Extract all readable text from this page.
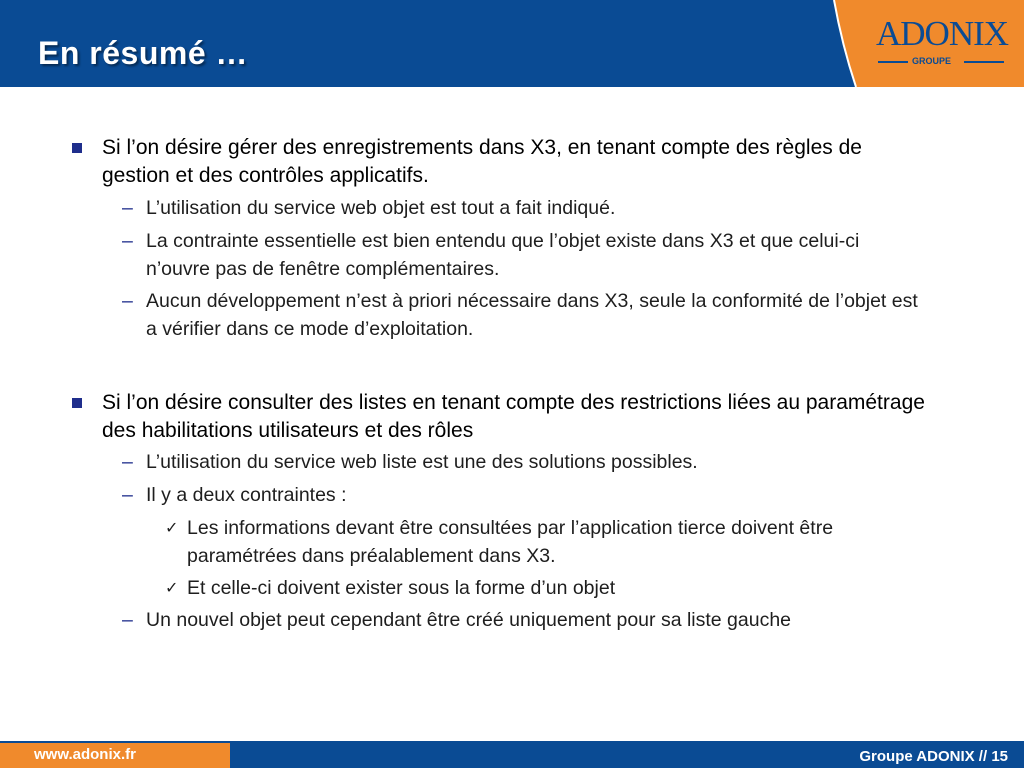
En résumé …	ADONIX
GROUPE
Si l’on désire gérer des enregistrements dans X3, en tenant compte des règles de gestion et des contrôles applicatifs.
– L’utilisation du service web objet est tout a fait indiqué.
– La contrainte essentielle est bien entendu que l’objet existe dans X3 et que celui-ci n’ouvre pas de fenêtre complémentaires.
– Aucun développement n’est à priori nécessaire dans X3, seule la conformité de l’objet est a vérifier dans ce mode d’exploitation.
Si l’on désire consulter des listes en tenant compte des restrictions liées au paramétrage des habilitations utilisateurs et des rôles
– L’utilisation du service web liste est une des solutions possibles.
– Il y a deux contraintes :
✓ Les informations devant être consultées par l’application tierce doivent être paramétrées dans préalablement dans X3.
✓ Et celle-ci doivent exister sous la forme d’un objet
– Un nouvel objet peut cependant être créé uniquement pour sa liste gauche
www.adonix.fr	Groupe ADONIX // 15
